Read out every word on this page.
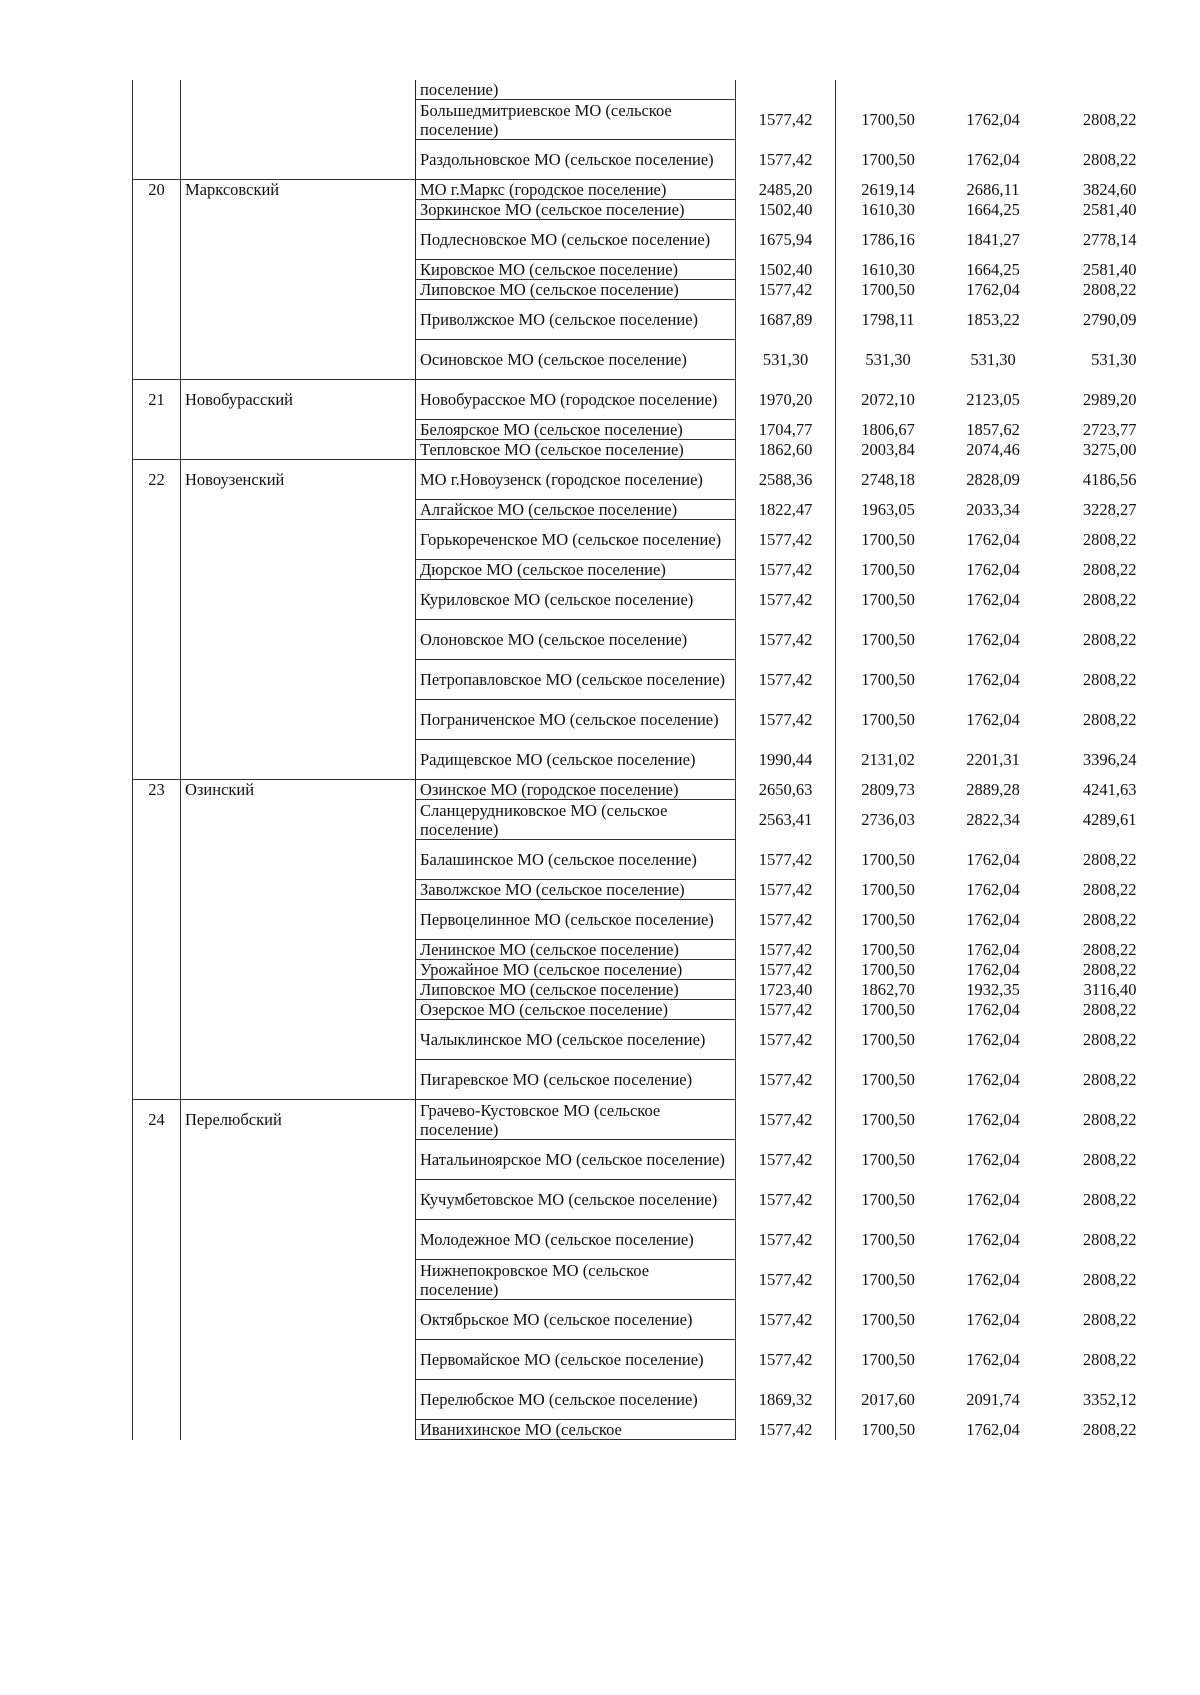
		поселение)				
		Большедмитриевское МО (сельское поселение)	1577,42	1700,50	1762,04	2808,22
		Раздольновское МО (сельское поселение)	1577,42	1700,50	1762,04	2808,22
20	Марксовский	МО г.Маркс (городское поселение)	2485,20	2619,14	2686,11	3824,60
		Зоркинское МО (сельское поселение)	1502,40	1610,30	1664,25	2581,40
		Подлесновское МО (сельское поселение)	1675,94	1786,16	1841,27	2778,14
		Кировское МО (сельское поселение)	1502,40	1610,30	1664,25	2581,40
		Липовское МО (сельское поселение)	1577,42	1700,50	1762,04	2808,22
		Приволжское МО (сельское поселение)	1687,89	1798,11	1853,22	2790,09
		Осиновское МО (сельское поселение)	531,30	531,30	531,30	531,30
21	Новобурасский	Новобурасское МО (городское поселение)	1970,20	2072,10	2123,05	2989,20
		Белоярское МО (сельское поселение)	1704,77	1806,67	1857,62	2723,77
		Тепловское МО (сельское поселение)	1862,60	2003,84	2074,46	3275,00
22	Новоузенский	МО г.Новоузенск (городское поселение)	2588,36	2748,18	2828,09	4186,56
		Алгайское МО (сельское поселение)	1822,47	1963,05	2033,34	3228,27
		Горькореченское МО (сельское поселение)	1577,42	1700,50	1762,04	2808,22
		Дюрское МО (сельское поселение)	1577,42	1700,50	1762,04	2808,22
		Куриловское МО (сельское поселение)	1577,42	1700,50	1762,04	2808,22
		Олоновское МО (сельское поселение)	1577,42	1700,50	1762,04	2808,22
		Петропавловское МО (сельское поселение)	1577,42	1700,50	1762,04	2808,22
		Пограниченское МО (сельское поселение)	1577,42	1700,50	1762,04	2808,22
		Радищевское МО (сельское поселение)	1990,44	2131,02	2201,31	3396,24
23	Озинский	Озинское МО (городское поселение)	2650,63	2809,73	2889,28	4241,63
		Сланцерудниковское МО (сельское поселение)	2563,41	2736,03	2822,34	4289,61
		Балашинское МО (сельское поселение)	1577,42	1700,50	1762,04	2808,22
		Заволжское МО (сельское поселение)	1577,42	1700,50	1762,04	2808,22
		Первоцелинное МО (сельское поселение)	1577,42	1700,50	1762,04	2808,22
		Ленинское МО (сельское поселение)	1577,42	1700,50	1762,04	2808,22
		Урожайное МО (сельское поселение)	1577,42	1700,50	1762,04	2808,22
		Липовское МО (сельское поселение)	1723,40	1862,70	1932,35	3116,40
		Озерское МО (сельское поселение)	1577,42	1700,50	1762,04	2808,22
		Чалыклинское МО (сельское поселение)	1577,42	1700,50	1762,04	2808,22
		Пигаревское МО (сельское поселение)	1577,42	1700,50	1762,04	2808,22
24	Перелюбский	Грачево-Кустовское МО (сельское поселение)	1577,42	1700,50	1762,04	2808,22
		Натальиноярское МО (сельское поселение)	1577,42	1700,50	1762,04	2808,22
		Кучумбетовское МО (сельское поселение)	1577,42	1700,50	1762,04	2808,22
		Молодежное МО (сельское поселение)	1577,42	1700,50	1762,04	2808,22
		Нижнепокровское МО (сельское поселение)	1577,42	1700,50	1762,04	2808,22
		Октябрьское МО (сельское поселение)	1577,42	1700,50	1762,04	2808,22
		Первомайское МО (сельское поселение)	1577,42	1700,50	1762,04	2808,22
		Перелюбское МО (сельское поселение)	1869,32	2017,60	2091,74	3352,12
		Иванихинское МО (сельское	1577,42	1700,50	1762,04	2808,22
